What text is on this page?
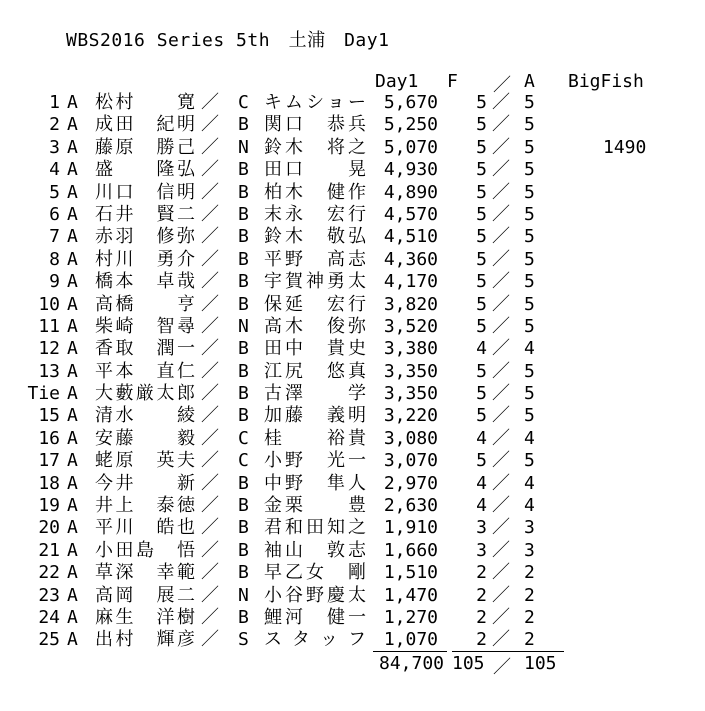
WBS2016 Series 5th　土浦　Day1
Day1 F ／ A BigFish
1 A 松村　　寛 ／ C キムショー 5,670 5 ／ 5
2 A 成田　紀明 ／ B 関口　恭兵 5,250 5 ／ 5
3 A 藤原　勝己 ／ N 鈴木　将之 5,070 5 ／ 5	1490
4 A 盛　　隆弘 ／ B 田口　　晃 4,930 5 ／ 5
5 A 川口　信明 ／ B 柏木　健作 4,890 5 ／ 5
6 A 石井　賢二 ／ B 末永　宏行 4,570 5 ／ 5
7 A 赤羽　修弥 ／ B 鈴木　敬弘 4,510 5 ／ 5
8 A 村川　勇介 ／ B 平野　高志 4,360 5 ／ 5
9 A 橋本　卓哉 ／ B 宇賀神勇太 4,170 5 ／ 5
10 A 高橋　　亨 ／ B 保延　宏行 3,820 5 ／ 5
11 A 柴崎　智尋 ／ N 高木　俊弥 3,520 5 ／ 5
12 A 香取　潤一 ／ B 田中　貴史 3,380 4 ／ 4
13 A 平本　直仁 ／ B 江尻　悠真 3,350 5 ／ 5
Tie A 大藪厳太郎 ／ B 古澤　　学 3,350 5 ／ 5
15 A 清水　　綾 ／ B 加藤　義明 3,220 5 ／ 5
16 A 安藤　　毅 ／ C 桂　　裕貴 3,080 4 ／ 4
17 A 蛯原　英夫 ／ C 小野　光一 3,070 5 ／ 5
18 A 今井　　新 ／ B 中野　隼人 2,970 4 ／ 4
19 A 井上　泰徳 ／ B 金栗　　豊 2,630 4 ／ 4
20 A 平川　皓也 ／ B 君和田知之 1,910 3 ／ 3
21 A 小田島　悟 ／ B 袖山　敦志 1,660 3 ／ 3
22 A 草深　幸範 ／ B 早乙女　剛 1,510 2 ／ 2
23 A 高岡　展二 ／ N 小谷野慶太 1,470 2 ／ 2
24 A 麻生　洋樹 ／ B 鯉河　健一 1,270 2 ／ 2
25 A 出村　輝彦 ／ S スタッフ 1,070 2 ／ 2
84,700 105 ／ 105
